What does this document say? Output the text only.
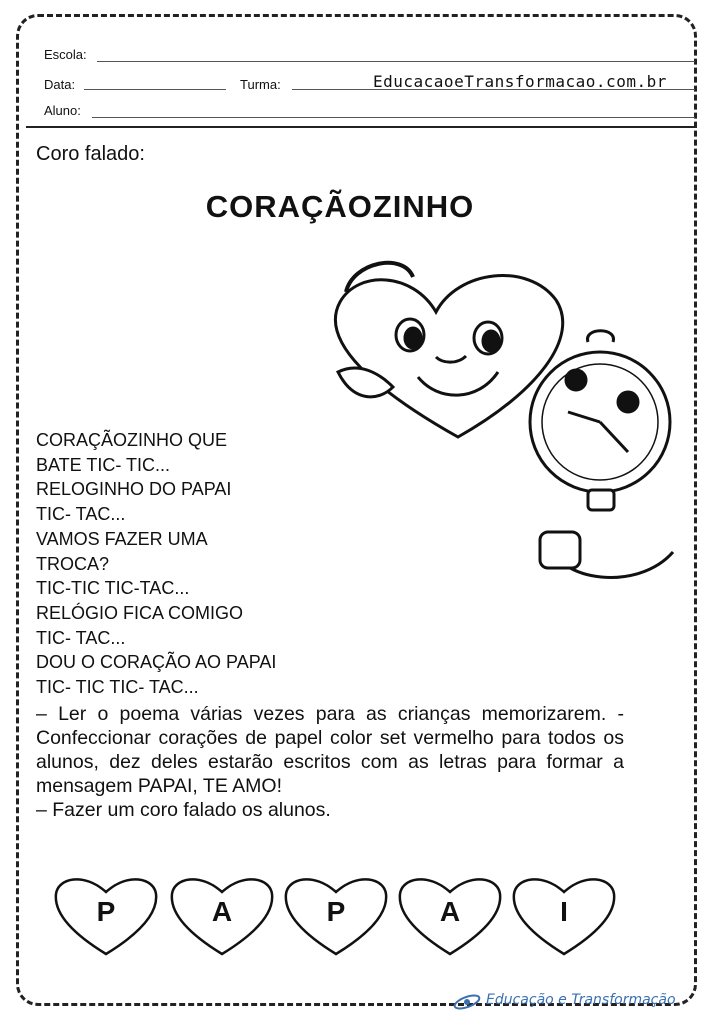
Escola:
Data:	Turma:	EducacaoeTransformacao.com.br
Aluno:
Coro falado:
CORAÇÃOZINHO
CORAÇÃOZINHO QUE
BATE TIC- TIC...
RELOGINHO DO PAPAI
TIC- TAC...
VAMOS FAZER UMA
TROCA?
TIC-TIC TIC-TAC...
RELÓGIO FICA COMIGO
TIC- TAC...
DOU O CORAÇÃO AO PAPAI
TIC- TIC TIC- TAC...

– Ler o poema várias vezes para as crianças memorizarem. - Confeccionar corações de papel color set vermelho para todos os alunos, dez deles estarão escritos com as letras para formar a mensagem PAPAI, TE AMO!

– Fazer um coro falado os alunos.

P	A	P	A	I
Educação e Transformação
